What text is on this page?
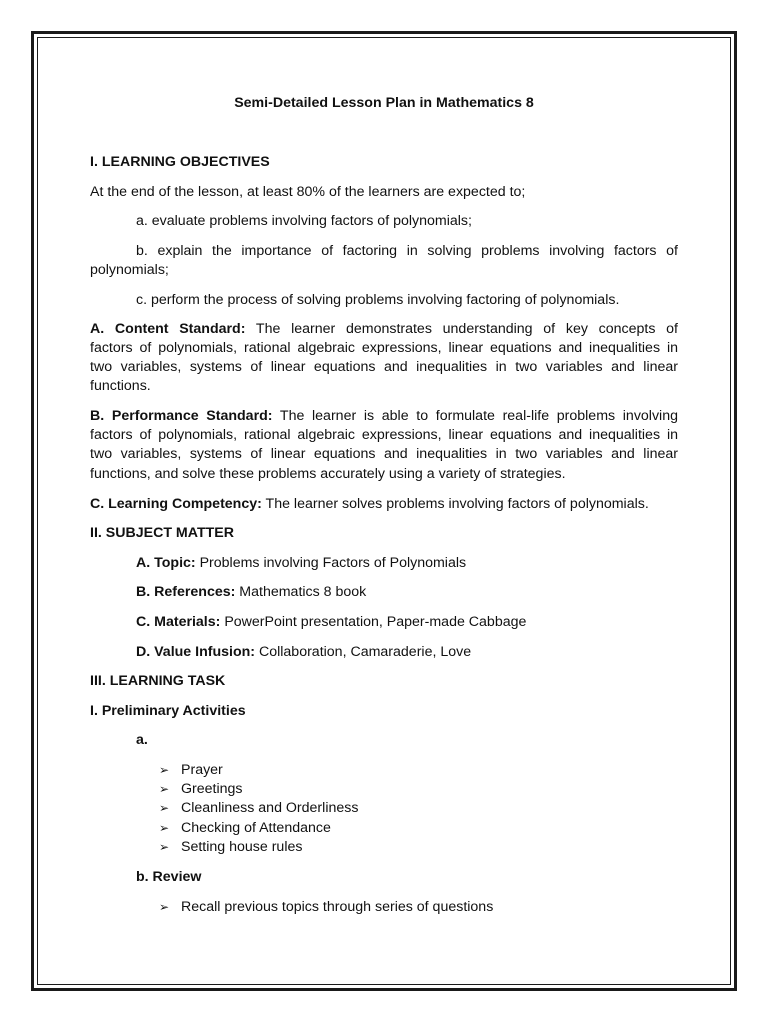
Semi-Detailed Lesson Plan in Mathematics 8

I. LEARNING OBJECTIVES

At the end of the lesson, at least 80% of the learners are expected to;

a. evaluate problems involving factors of polynomials;

b. explain the importance of factoring in solving problems involving factors of

polynomials;

c. perform the process of solving problems involving factoring of polynomials.

A. Content Standard: The learner demonstrates understanding of key concepts of

factors of polynomials, rational algebraic expressions, linear equations and inequalities in

two variables, systems of linear equations and inequalities in two variables and linear

functions.

B. Performance Standard: The learner is able to formulate real-life problems involving

factors of polynomials, rational algebraic expressions, linear equations and inequalities in

two variables, systems of linear equations and inequalities in two variables and linear

functions, and solve these problems accurately using a variety of strategies.

C. Learning Competency: The learner solves problems involving factors of polynomials.

II. SUBJECT MATTER

A. Topic: Problems involving Factors of Polynomials

B. References: Mathematics 8 book

C. Materials: PowerPoint presentation, Paper-made Cabbage

D. Value Infusion: Collaboration, Camaraderie, Love

III. LEARNING TASK

I. Preliminary Activities

a.

➢ Prayer

➢ Greetings

➢ Cleanliness and Orderliness

➢ Checking of Attendance

➢ Setting house rules

b. Review

➢ Recall previous topics through series of questions
